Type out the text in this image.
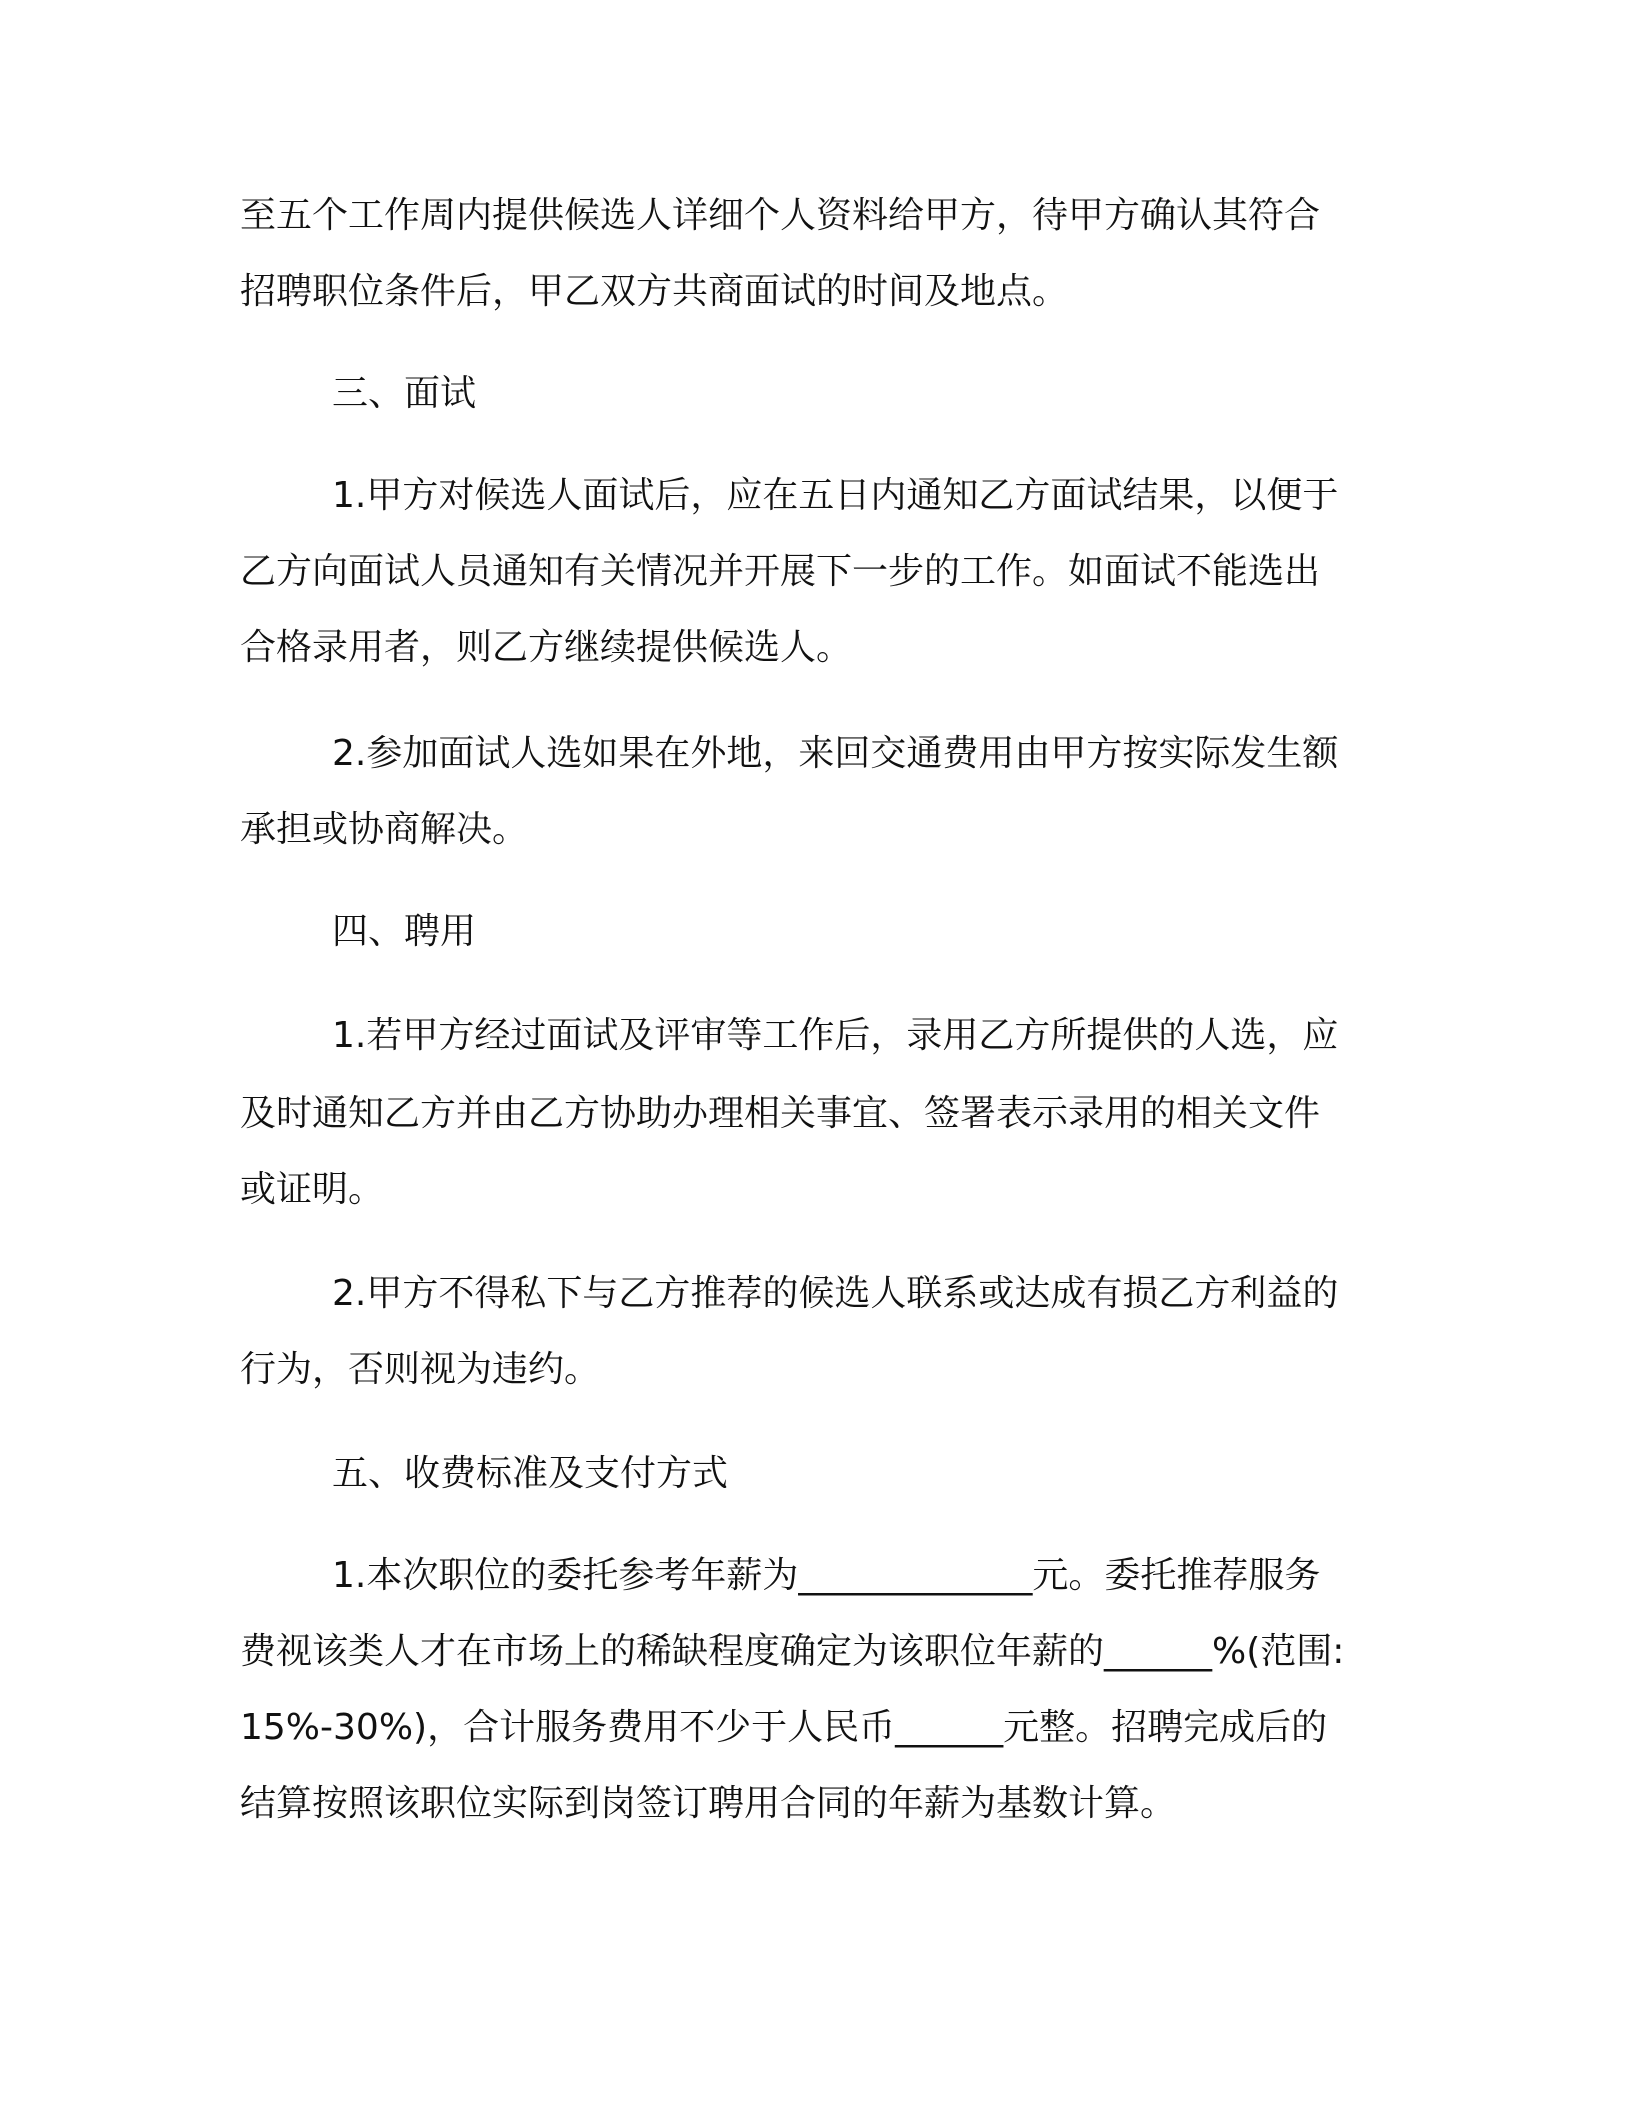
至五个工作周内提供候选人详细个人资料给甲方，待甲方确认其符合
招聘职位条件后，甲乙双方共商面试的时间及地点。
三、面试
1.甲方对候选人面试后，应在五日内通知乙方面试结果，以便于
乙方向面试人员通知有关情况并开展下一步的工作。如面试不能选出
合格录用者，则乙方继续提供候选人。
2.参加面试人选如果在外地，来回交通费用由甲方按实际发生额
承担或协商解决。
四、聘用
1.若甲方经过面试及评审等工作后，录用乙方所提供的人选，应
及时通知乙方并由乙方协助办理相关事宜、签署表示录用的相关文件
或证明。
2.甲方不得私下与乙方推荐的候选人联系或达成有损乙方利益的
行为，否则视为违约。
五、收费标准及支付方式
1.本次职位的委托参考年薪为_____________元。委托推荐服务
费视该类人才在市场上的稀缺程度确定为该职位年薪的______%(范围:
15%-30%)，合计服务费用不少于人民币______元整。招聘完成后的
结算按照该职位实际到岗签订聘用合同的年薪为基数计算。
